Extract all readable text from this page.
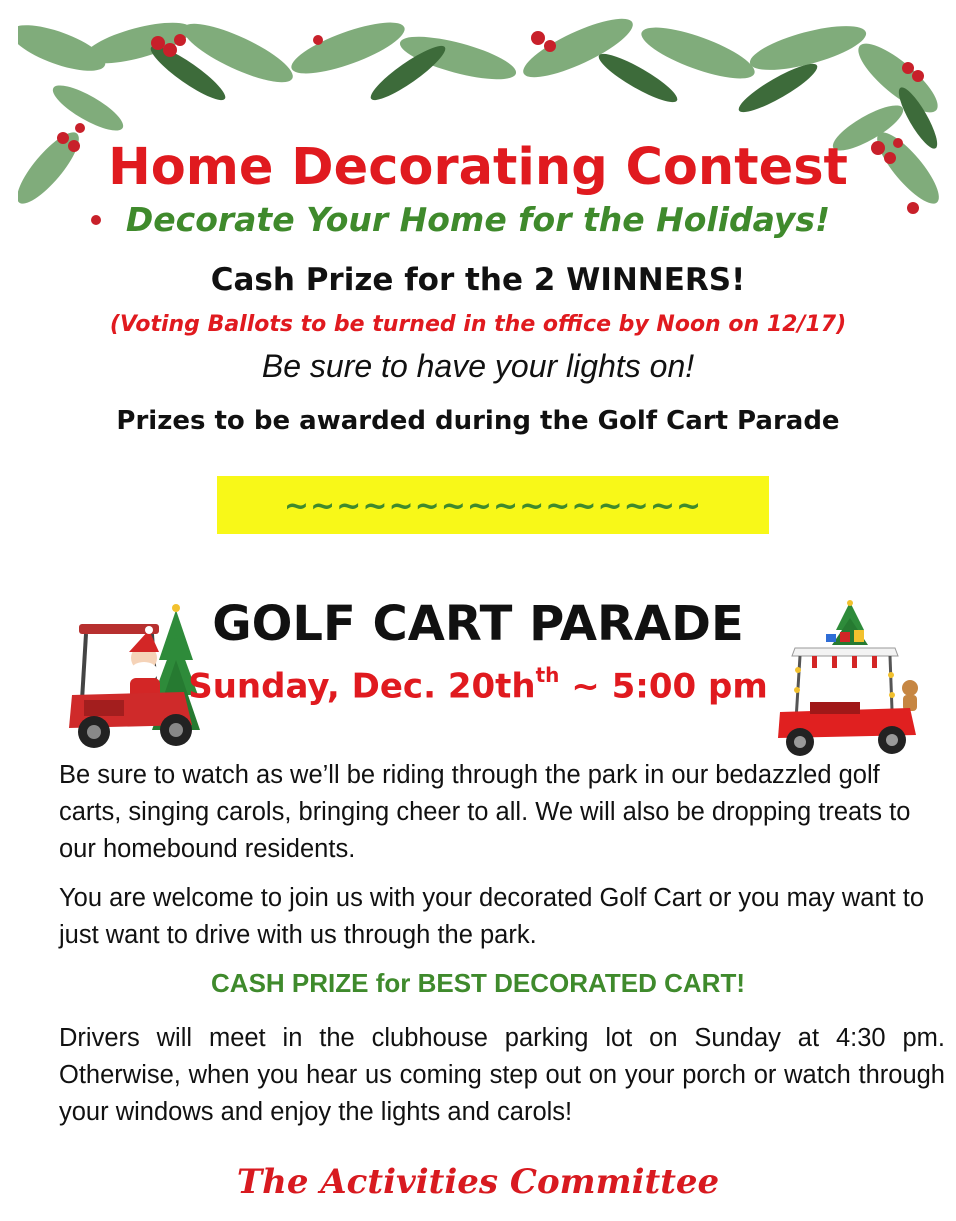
Home Decorating Contest
Decorate Your Home for the Holidays!
Cash Prize for the 2 WINNERS!
(Voting Ballots to be turned in the office by Noon on 12/17)
Be sure to have your lights on!
Prizes to be awarded during the Golf Cart Parade
~~~~~~~~~~~~~~~~
GOLF CART PARADE
Sunday, Dec. $20th^{th}$ ~ 5:00 pm
Be sure to watch as we’ll be riding through the park in our bedazzled golf carts, singing carols, bringing cheer to all. We will also be dropping treats to our homebound residents.
You are welcome to join us with your decorated Golf Cart or you may want to just want to drive with us through the park.
CASH PRIZE for BEST DECORATED CART!
Drivers will meet in the clubhouse parking lot on Sunday at 4:30 pm. Otherwise, when you hear us coming step out on your porch or watch through your windows and enjoy the lights and carols!
The Activities Committee
